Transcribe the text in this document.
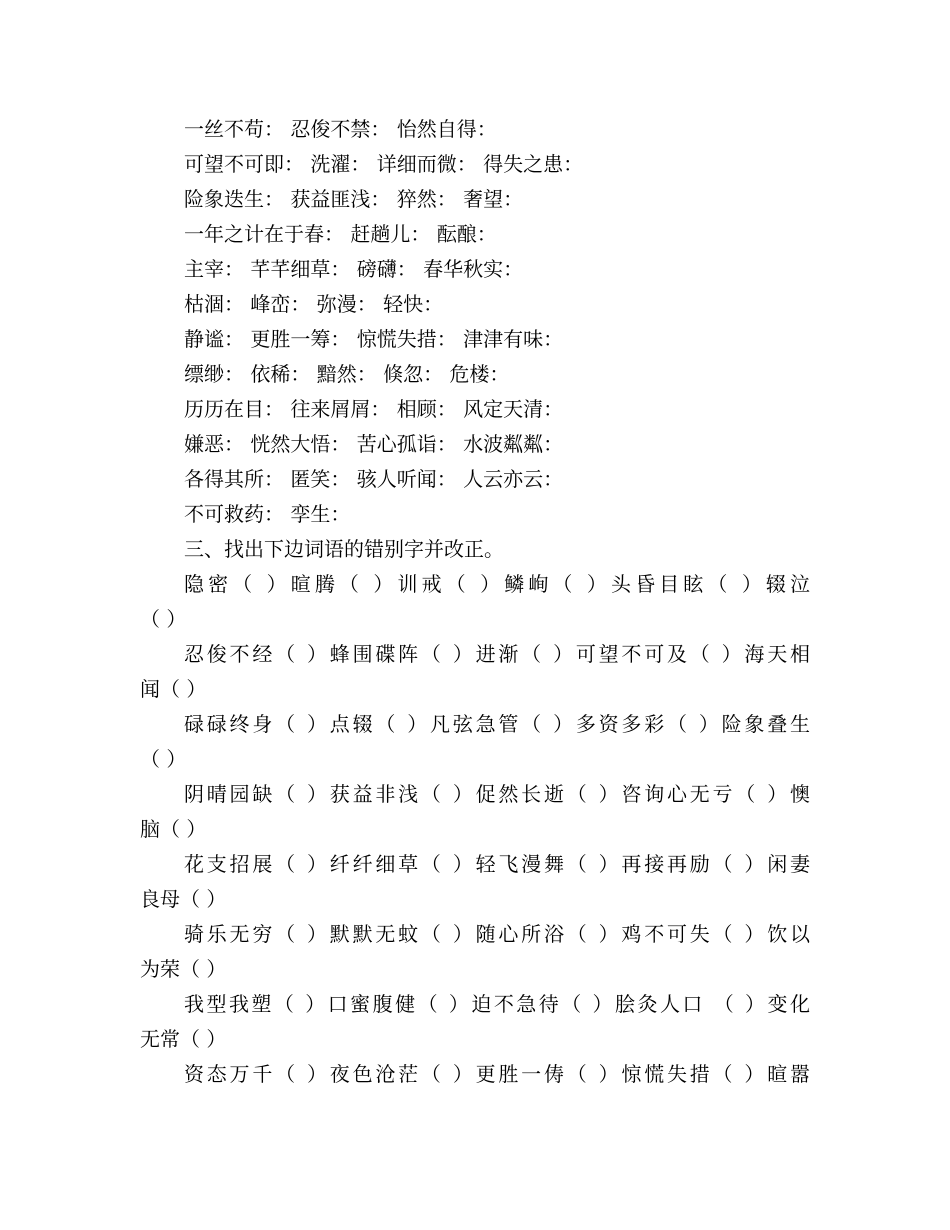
一丝不苟： 忍俊不禁： 怡然自得：
可望不可即： 洗濯： 详细而微： 得失之患：
险象迭生： 获益匪浅： 猝然： 奢望：
一年之计在于春： 赶趟儿： 酝酿：
主宰： 芊芊细草： 磅礴： 春华秋实：
枯涸： 峰峦： 弥漫： 轻快：
静谧： 更胜一筹： 惊慌失措： 津津有味：
缥缈： 依稀： 黯然： 倏忽： 危楼：
历历在目： 往来屑屑： 相顾： 风定天清：
嫌恶： 恍然大悟： 苦心孤诣： 水波粼粼：
各得其所： 匿笑： 骇人听闻： 人云亦云：
不可救药： 孪生：
三、找出下边词语的错别字并改正。
隐密（ ）暄腾（ ）训戒（ ）鳞峋（ ）头昏目眩（ ）辍泣
（ ）
忍俊不经（ ）蜂围碟阵（ ）进渐（ ）可望不可及（ ）海天相
闻（ ）
碌碌终身（ ）点辍（ ）凡弦急管（ ）多资多彩（ ）险象叠生
（ ）
阴晴园缺（ ）获益非浅（ ）促然长逝（ ）咨询心无亏（ ）懊
脑（ ）
花支招展（ ）纤纤细草（ ）轻飞漫舞（ ）再接再励（ ）闲妻
良母（ ）
骑乐无穷（ ）默默无蚊（ ）随心所浴（ ）鸡不可失（ ）饮以
为荣（ ）
我型我塑（ ）口蜜腹健（ ）迫不急待（ ）脍灸人口 （ ）变化
无常（ ）
资态万千（ ）夜色沧茫（ ）更胜一俦（ ）惊慌失措（ ）暄嚣
